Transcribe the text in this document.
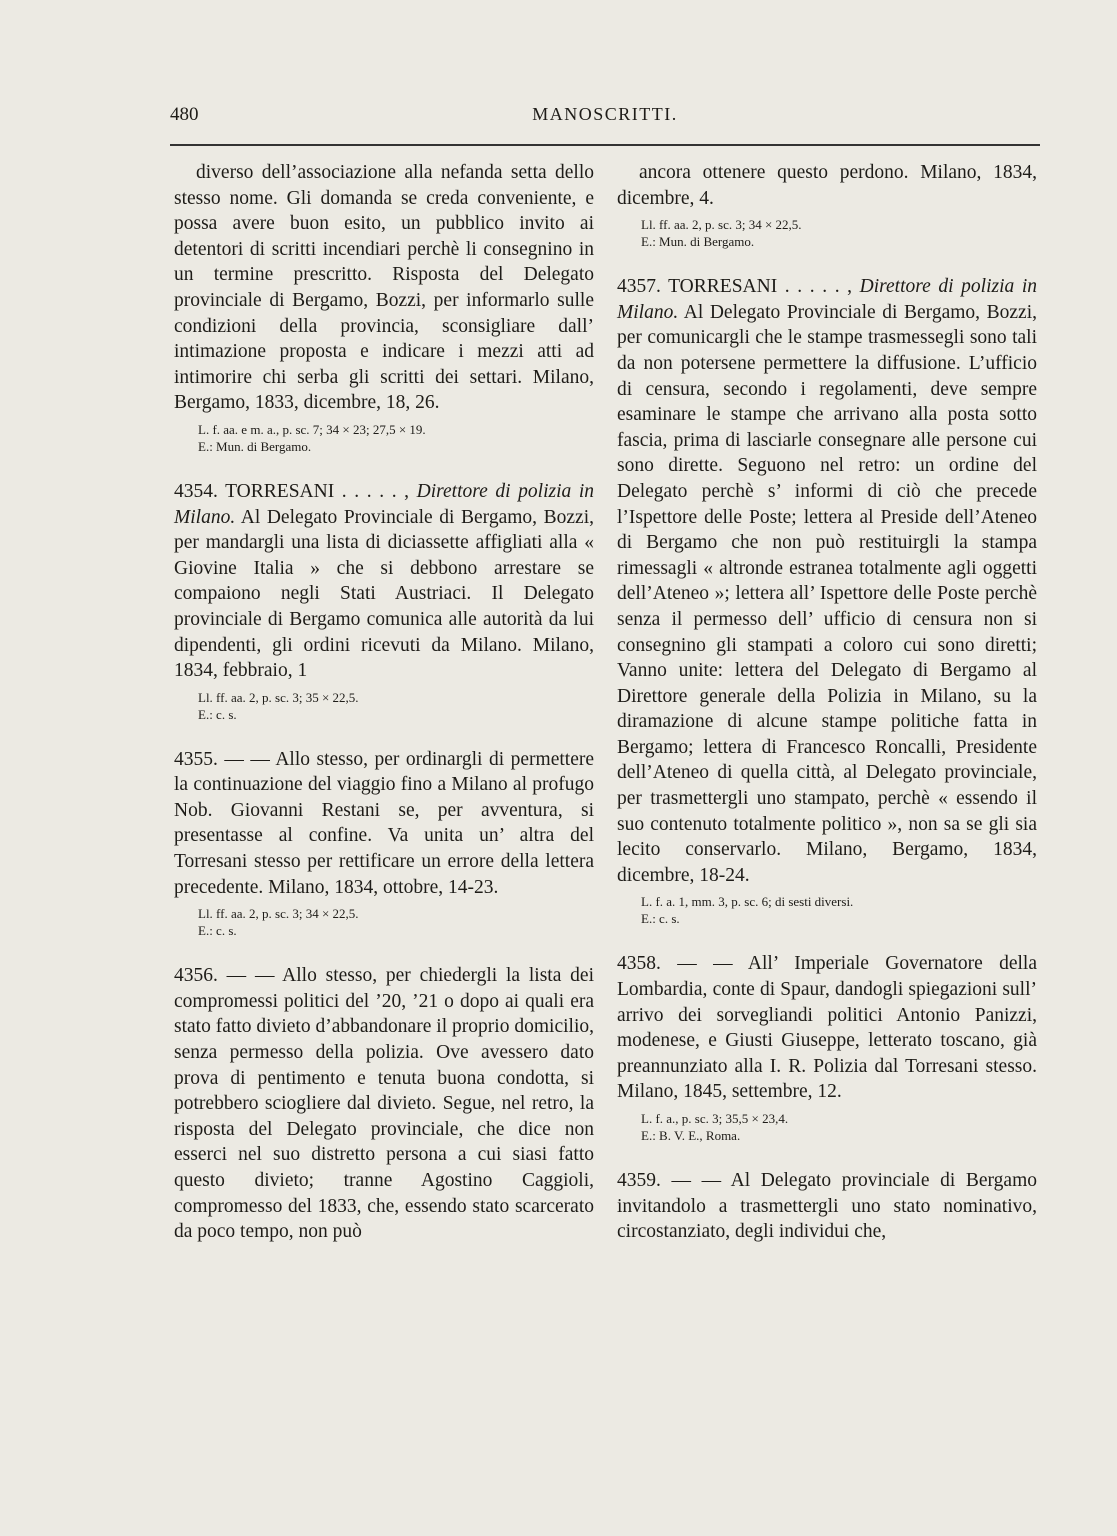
480	MANOSCRITTI.

diverso dell’associazione alla nefanda setta dello stesso nome. Gli domanda se creda conveniente, e possa avere buon esito, un pubblico invito ai detentori di scritti incendiari perchè li consegnino in un termine prescritto. Risposta del Delegato provinciale di Bergamo, Bozzi, per informarlo sulle condizioni della provincia, sconsigliare dall’ intimazione proposta e indicare i mezzi atti ad intimorire chi serba gli scritti dei settari. Milano, Bergamo, 1833, dicembre, 18, 26.

L. f. aa. e m. a., p. sc. 7; 34 × 23; 27,5 × 19.
E.: Mun. di Bergamo.

4354. TORRESANI . . . . . , Direttore di polizia in Milano. Al Delegato Provinciale di Bergamo, Bozzi, per mandargli una lista di diciassette affigliati alla « Giovine Italia » che si debbono arrestare se compaiono negli Stati Austriaci. Il Delegato provinciale di Bergamo comunica alle autorità da lui dipendenti, gli ordini ricevuti da Milano. Milano, 1834, febbraio, 1

Ll. ff. aa. 2, p. sc. 3; 35 × 22,5.
E.: c. s.

4355. — — Allo stesso, per ordinargli di permettere la continuazione del viaggio fino a Milano al profugo Nob. Giovanni Restani se, per avventura, si presentasse al confine. Va unita un’ altra del Torresani stesso per rettificare un errore della lettera precedente. Milano, 1834, ottobre, 14-23.

Ll. ff. aa. 2, p. sc. 3; 34 × 22,5.
E.: c. s.

4356. — — Allo stesso, per chiedergli la lista dei compromessi politici del ’20, ’21 o dopo ai quali era stato fatto divieto d’abbandonare il proprio domicilio, senza permesso della polizia. Ove avessero dato prova di pentimento e tenuta buona condotta, si potrebbero sciogliere dal divieto. Segue, nel retro, la risposta del Delegato provinciale, che dice non esserci nel suo distretto persona a cui siasi fatto questo divieto; tranne Agostino Caggioli, compromesso del 1833, che, essendo stato scarcerato da poco tempo, non può

ancora ottenere questo perdono. Milano, 1834, dicembre, 4.

Ll. ff. aa. 2, p. sc. 3; 34 × 22,5.
E.: Mun. di Bergamo.

4357. TORRESANI . . . . . , Direttore di polizia in Milano. Al Delegato Provinciale di Bergamo, Bozzi, per comunicargli che le stampe trasmessegli sono tali da non potersene permettere la diffusione. L’ufficio di censura, secondo i regolamenti, deve sempre esaminare le stampe che arrivano alla posta sotto fascia, prima di lasciarle consegnare alle persone cui sono dirette. Seguono nel retro: un ordine del Delegato perchè s’ informi di ciò che precede l’Ispettore delle Poste; lettera al Preside dell’Ateneo di Bergamo che non può restituirgli la stampa rimessagli « altronde estranea totalmente agli oggetti dell’Ateneo »; lettera all’ Ispettore delle Poste perchè senza il permesso dell’ ufficio di censura non si consegnino gli stampati a coloro cui sono diretti; Vanno unite: lettera del Delegato di Bergamo al Direttore generale della Polizia in Milano, su la diramazione di alcune stampe politiche fatta in Bergamo; lettera di Francesco Roncalli, Presidente dell’Ateneo di quella città, al Delegato provinciale, per trasmettergli uno stampato, perchè « essendo il suo contenuto totalmente politico », non sa se gli sia lecito conservarlo. Milano, Bergamo, 1834, dicembre, 18-24.

L. f. a. 1, mm. 3, p. sc. 6; di sesti diversi.
E.: c. s.

4358. — — All’ Imperiale Governatore della Lombardia, conte di Spaur, dandogli spiegazioni sull’ arrivo dei sorvegliandi politici Antonio Panizzi, modenese, e Giusti Giuseppe, letterato toscano, già preannunziato alla I. R. Polizia dal Torresani stesso. Milano, 1845, settembre, 12.

L. f. a., p. sc. 3; 35,5 × 23,4.
E.: B. V. E., Roma.

4359. — — Al Delegato provinciale di Bergamo invitandolo a trasmettergli uno stato nominativo, circostanziato, degli individui che,
